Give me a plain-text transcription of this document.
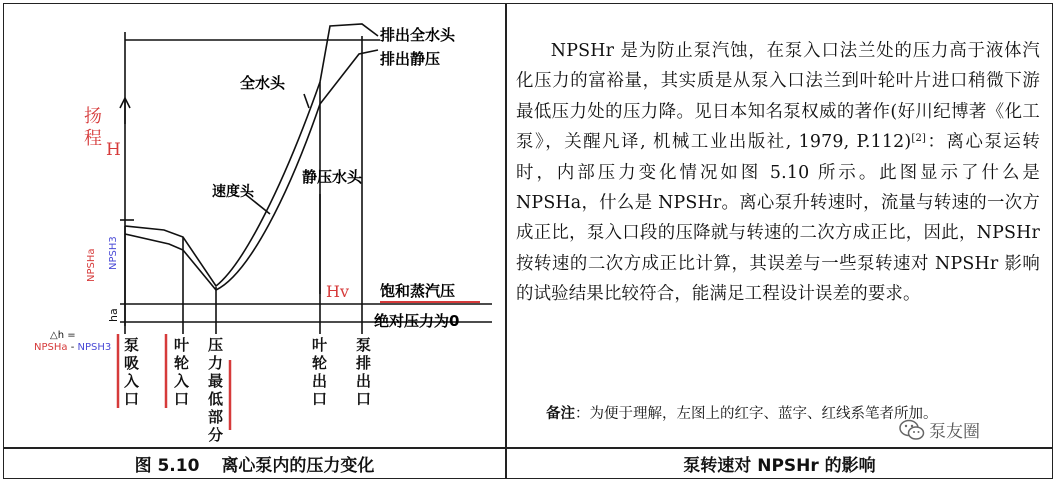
图 5.10 离心泵内的压力变化	泵转速对 NPSHr 的影响
扬
程
H
Hv
NPSHa NPSH3
ha
△h =
NPSHa - NPSH3
排出全水头
排出静压
全水头
静压水头
速度头
饱和蒸汽压
绝对压力为0
泵
吸
入
口
叶
轮
入
口
压
力
最
低
部
分
叶
轮
出
口
泵
排
出
口

NPSHr 是为防止泵汽蚀，在泵入口法兰处的压力高于液体汽化压力的富裕量，其实质是从泵入口法兰到叶轮叶片进口稍微下游最低压力处的压力降。见日本知名泵权威的著作(好川纪博著《化工泵》，关醒凡译, 机械工业出版社, 1979, P.112)[2]：离心泵运转时，内部压力变化情况如图 5.10 所示。此图显示了什么是 NPSHa，什么是 NPSHr。离心泵升转速时，流量与转速的一次方成正比，泵入口段的压降就与转速的二次方成正比，因此，NPSHr 按转速的二次方成正比计算，其误差与一些泵转速对 NPSHr 影响的试验结果比较符合，能满足工程设计误差的要求。

备注：为便于理解，左图上的红字、蓝字、红线系笔者所加。
泵友圈
